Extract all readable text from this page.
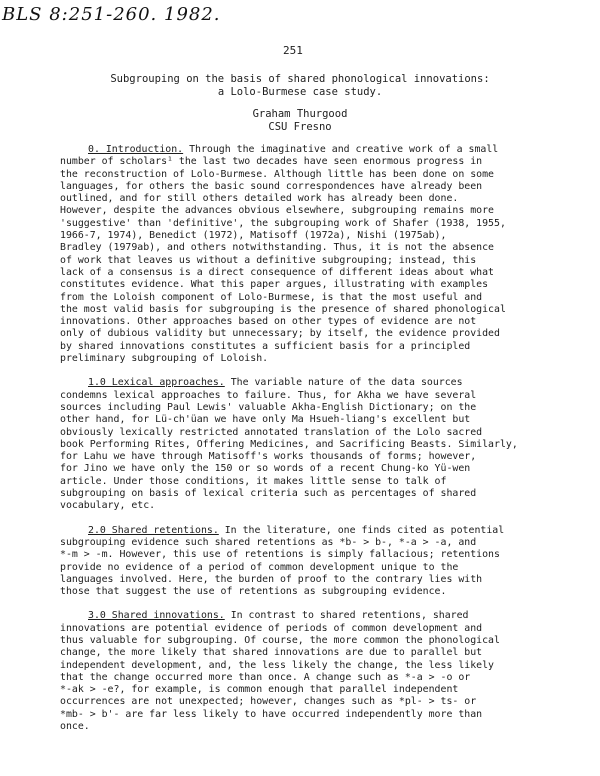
BLS 8:251-260. 1982.
251
Subgrouping on the basis of shared phonological innovations:
a Lolo-Burmese case study.
Graham Thurgood
CSU Fresno
0. Introduction. Through the imaginative and creative work of a small
number of scholars¹ the last two decades have seen enormous progress in
the reconstruction of Lolo-Burmese. Although little has been done on some
languages, for others the basic sound correspondences have already been
outlined, and for still others detailed work has already been done.
However, despite the advances obvious elsewhere, subgrouping remains more
'suggestive' than 'definitive', the subgrouping work of Shafer (1938, 1955,
1966-7, 1974), Benedict (1972), Matisoff (1972a), Nishi (1975ab),
Bradley (1979ab), and others notwithstanding. Thus, it is not the absence
of work that leaves us without a definitive subgrouping; instead, this
lack of a consensus is a direct consequence of different ideas about what
constitutes evidence. What this paper argues, illustrating with examples
from the Loloish component of Lolo-Burmese, is that the most useful and
the most valid basis for subgrouping is the presence of shared phonological
innovations. Other approaches based on other types of evidence are not
only of dubious validity but unnecessary; by itself, the evidence provided
by shared innovations constitutes a sufficient basis for a principled
preliminary subgrouping of Loloish.
1.0 Lexical approaches. The variable nature of the data sources
condemns lexical approaches to failure. Thus, for Akha we have several
sources including Paul Lewis' valuable Akha-English Dictionary; on the
other hand, for Lü-ch'üan we have only Ma Hsueh-liang's excellent but
obviously lexically restricted annotated translation of the Lolo sacred
book Performing Rites, Offering Medicines, and Sacrificing Beasts. Similarly,
for Lahu we have through Matisoff's works thousands of forms; however,
for Jino we have only the 150 or so words of a recent Chung-ko Yü-wen
article. Under those conditions, it makes little sense to talk of
subgrouping on basis of lexical criteria such as percentages of shared
vocabulary, etc.
2.0 Shared retentions. In the literature, one finds cited as potential
subgrouping evidence such shared retentions as *b- > b-, *-a > -a, and
*-m > -m. However, this use of retentions is simply fallacious; retentions
provide no evidence of a period of common development unique to the
languages involved. Here, the burden of proof to the contrary lies with
those that suggest the use of retentions as subgrouping evidence.
3.0 Shared innovations. In contrast to shared retentions, shared
innovations are potential evidence of periods of common development and
thus valuable for subgrouping. Of course, the more common the phonological
change, the more likely that shared innovations are due to parallel but
independent development, and, the less likely the change, the less likely
that the change occurred more than once. A change such as *-a > -o or
*-ak > -e?, for example, is common enough that parallel independent
occurrences are not unexpected; however, changes such as *pl- > ts- or
*mb- > b'- are far less likely to have occurred independently more than
once.
